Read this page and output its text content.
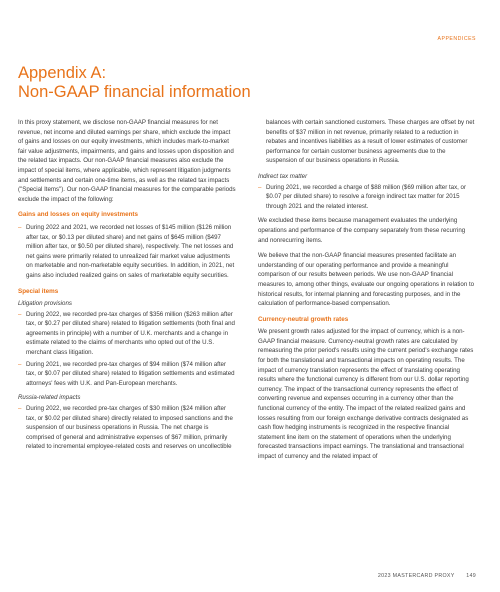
APPENDICES
Appendix A:
Non-GAAP financial information

In this proxy statement, we disclose non-GAAP financial measures for net revenue, net income and diluted earnings per share, which exclude the impact of gains and losses on our equity investments, which includes mark-to-market fair value adjustments, impairments, and gains and losses upon disposition and the related tax impacts. Our non-GAAP financial measures also exclude the impact of special items, where applicable, which represent litigation judgments and settlements and certain one-time items, as well as the related tax impacts ("Special Items"). Our non-GAAP financial measures for the comparable periods exclude the impact of the following:

Gains and losses on equity investments
– During 2022 and 2021, we recorded net losses of $145 million ($126 million after tax, or $0.13 per diluted share) and net gains of $645 million ($497 million after tax, or $0.50 per diluted share), respectively. The net losses and net gains were primarily related to unrealized fair market value adjustments on marketable and non-marketable equity securities. In addition, in 2021, net gains also included realized gains on sales of marketable equity securities.
Special items
Litigation provisions
– During 2022, we recorded pre-tax charges of $356 million ($263 million after tax, or $0.27 per diluted share) related to litigation settlements (both final and agreements in principle) with a number of U.K. merchants and a change in estimate related to the claims of merchants who opted out of the U.S. merchant class litigation.
– During 2021, we recorded pre-tax charges of $94 million ($74 million after tax, or $0.07 per diluted share) related to litigation settlements and estimated attorneys' fees with U.K. and Pan-European merchants.
Russia-related impacts
– During 2022, we recorded pre-tax charges of $30 million ($24 million after tax, or $0.02 per diluted share) directly related to imposed sanctions and the suspension of our business operations in Russia. The net charge is comprised of general and administrative expenses of $67 million, primarily related to incremental employee-related costs and reserves on uncollectible

balances with certain sanctioned customers. These charges are offset by net benefits of $37 million in net revenue, primarily related to a reduction in rebates and incentives liabilities as a result of lower estimates of customer performance for certain customer business agreements due to the suspension of our business operations in Russia.

Indirect tax matter
– During 2021, we recorded a charge of $88 million ($69 million after tax, or $0.07 per diluted share) to resolve a foreign indirect tax matter for 2015 through 2021 and the related interest.

We excluded these items because management evaluates the underlying operations and performance of the company separately from these recurring and nonrecurring items.

We believe that the non-GAAP financial measures presented facilitate an understanding of our operating performance and provide a meaningful comparison of our results between periods. We use non-GAAP financial measures to, among other things, evaluate our ongoing operations in relation to historical results, for internal planning and forecasting purposes, and in the calculation of performance-based compensation.

Currency-neutral growth rates

We present growth rates adjusted for the impact of currency, which is a non-GAAP financial measure. Currency-neutral growth rates are calculated by remeasuring the prior period's results using the current period's exchange rates for both the translational and transactional impacts on operating results. The impact of currency translation represents the effect of translating operating results where the functional currency is different from our U.S. dollar reporting currency. The impact of the transactional currency represents the effect of converting revenue and expenses occurring in a currency other than the functional currency of the entity. The impact of the related realized gains and losses resulting from our foreign exchange derivative contracts designated as cash flow hedging instruments is recognized in the respective financial statement line item on the statement of operations when the underlying forecasted transactions impact earnings. The translational and transactional impact of currency and the related impact of

2023 MASTERCARD PROXY 149
